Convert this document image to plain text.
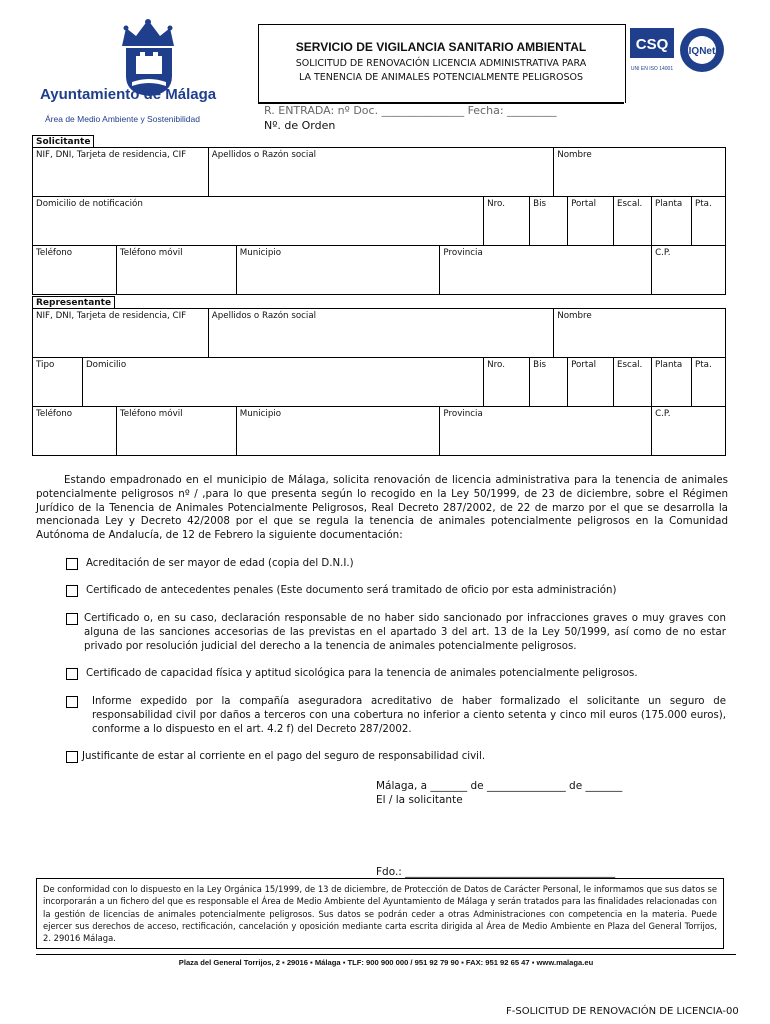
Ayuntamiento de Málaga
Área de Medio Ambiente y Sostenibilidad
SERVICIO DE VIGILANCIA SANITARIO AMBIENTAL
SOLICITUD DE RENOVACIÓN LICENCIA ADMINISTRATIVA PARA
LA TENENCIA DE ANIMALES POTENCIALMENTE PELIGROSOS
R. ENTRADA: nº Doc. _______________ Fecha: _________
Nº. de Orden
CSQ
UNI EN ISO 14001
IQNet
Solicitante
NIF, DNI, Tarjeta de residencia, CIF	Apellidos o Razón social	Nombre
Domicilio de notificación	Nro.	Bis	Portal	Escal.	Planta	Pta.
Teléfono	Teléfono móvil	Municipio	Provincia	C.P.
Representante
NIF, DNI, Tarjeta de residencia, CIF	Apellidos o Razón social	Nombre
Tipo	Domicilio	Nro.	Bis	Portal	Escal.	Planta	Pta.
Teléfono	Teléfono móvil	Municipio	Provincia	C.P.
Estando empadronado en el municipio de Málaga, solicita renovación de licencia administrativa para la tenencia de animales potencialmente peligrosos nº / ,para lo que presenta según lo recogido en la Ley 50/1999, de 23 de diciembre, sobre el Régimen Jurídico de la Tenencia de Animales Potencialmente Peligrosos, Real Decreto 287/2002, de 22 de marzo por el que se desarrolla la mencionada Ley y Decreto 42/2008 por el que se regula la tenencia de animales potencialmente peligrosos en la Comunidad Autónoma de Andalucía, de 12 de Febrero la siguiente documentación:
Acreditación de ser mayor de edad (copia del D.N.I.)
Certificado de antecedentes penales (Este documento será tramitado de oficio por esta administración)
Certificado o, en su caso, declaración responsable de no haber sido sancionado por infracciones graves o muy graves con alguna de las sanciones accesorias de las previstas en el apartado 3 del art. 13 de la Ley 50/1999, así como de no estar privado por resolución judicial del derecho a la tenencia de animales potencialmente peligrosos.
Certificado de capacidad física y aptitud sicológica para la tenencia de animales potencialmente peligrosos.
Informe expedido por la compañía aseguradora acreditativo de haber formalizado el solicitante un seguro de responsabilidad civil por daños a terceros con una cobertura no inferior a ciento setenta y cinco mil euros (175.000 euros), conforme a lo dispuesto en el art. 4.2 f) del Decreto 287/2002.
Justificante de estar al corriente en el pago del seguro de responsabilidad civil.
Málaga, a _______ de _______________ de _______
El / la solicitante
Fdo.: ________________________________________
De conformidad con lo dispuesto en la Ley Orgánica 15/1999, de 13 de diciembre, de Protección de Datos de Carácter Personal, le informamos que sus datos se incorporarán a un fichero del que es responsable el Área de Medio Ambiente del Ayuntamiento de Málaga y serán tratados para las finalidades relacionadas con la gestión de licencias de animales potencialmente peligrosos. Sus datos se podrán ceder a otras Administraciones con competencia en la materia. Puede ejercer sus derechos de acceso, rectificación, cancelación y oposición mediante carta escrita dirigida al Área de Medio Ambiente en Plaza del General Torrijos, 2. 29016 Málaga.
Plaza del General Torrijos, 2 ▪ 29016 ▪ Málaga ▪ TLF: 900 900 000 / 951 92 79 90 ▪ FAX: 951 92 65 47 ▪ www.malaga.eu
F-SOLICITUD DE RENOVACIÓN DE LICENCIA-00
